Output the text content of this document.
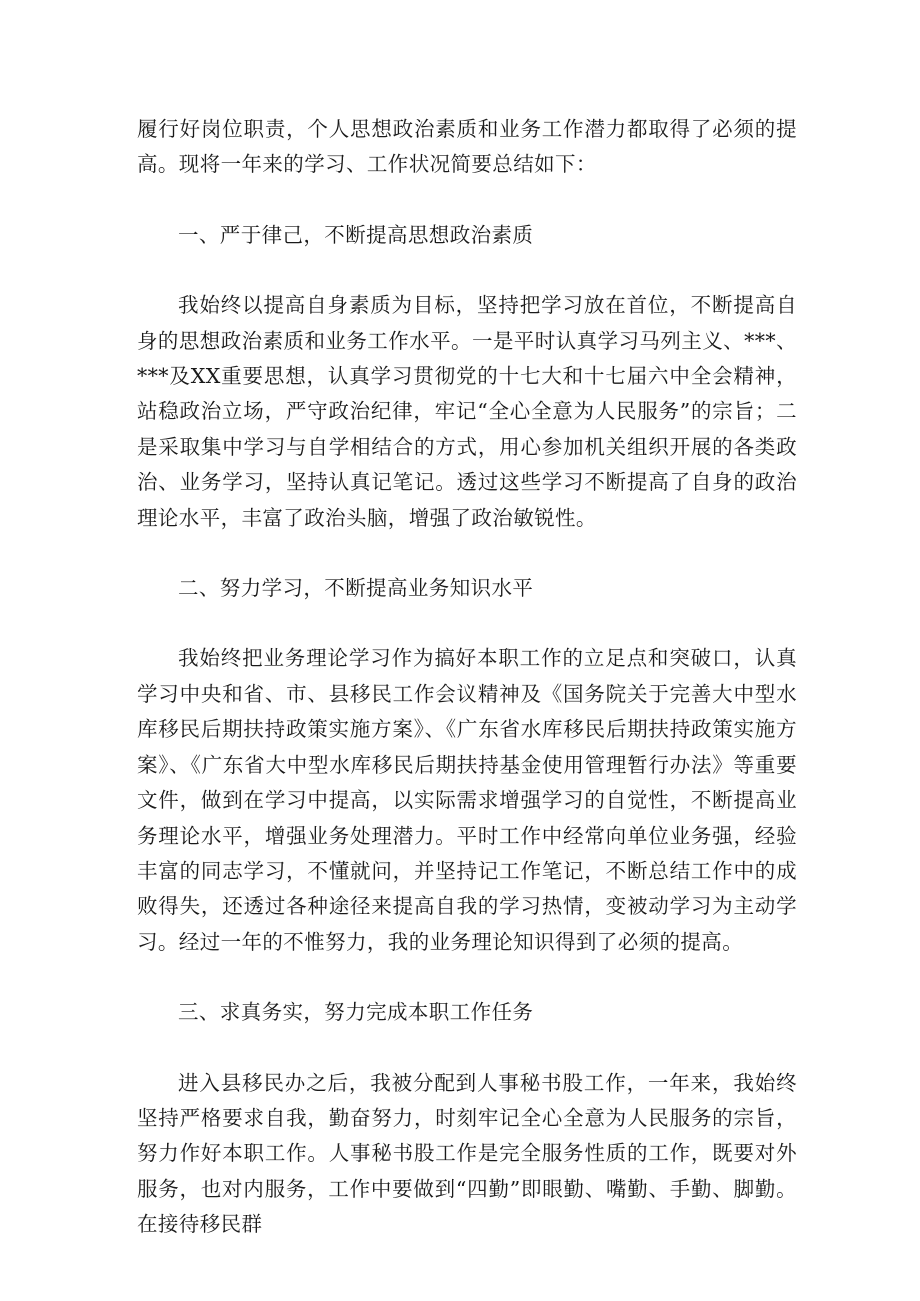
履行好岗位职责，个人思想政治素质和业务工作潜力都取得了必须的提高。现将一年来的学习、工作状况简要总结如下：

一、严于律己，不断提高思想政治素质

我始终以提高自身素质为目标，坚持把学习放在首位，不断提高自身的思想政治素质和业务工作水平。一是平时认真学习马列主义、***、***及XX重要思想，认真学习贯彻党的十七大和十七届六中全会精神，站稳政治立场，严守政治纪律，牢记“全心全意为人民服务”的宗旨；二是采取集中学习与自学相结合的方式，用心参加机关组织开展的各类政治、业务学习，坚持认真记笔记。透过这些学习不断提高了自身的政治理论水平，丰富了政治头脑，增强了政治敏锐性。

二、努力学习，不断提高业务知识水平

我始终把业务理论学习作为搞好本职工作的立足点和突破口，认真学习中央和省、市、县移民工作会议精神及《国务院关于完善大中型水库移民后期扶持政策实施方案》、《广东省水库移民后期扶持政策实施方案》、《广东省大中型水库移民后期扶持基金使用管理暂行办法》等重要文件，做到在学习中提高，以实际需求增强学习的自觉性，不断提高业务理论水平，增强业务处理潜力。平时工作中经常向单位业务强，经验丰富的同志学习，不懂就问，并坚持记工作笔记，不断总结工作中的成败得失，还透过各种途径来提高自我的学习热情，变被动学习为主动学习。经过一年的不惟努力，我的业务理论知识得到了必须的提高。

三、求真务实，努力完成本职工作任务

进入县移民办之后，我被分配到人事秘书股工作，一年来，我始终坚持严格要求自我，勤奋努力，时刻牢记全心全意为人民服务的宗旨，努力作好本职工作。人事秘书股工作是完全服务性质的工作，既要对外服务，也对内服务，工作中要做到“四勤”即眼勤、嘴勤、手勤、脚勤。在接待移民群
